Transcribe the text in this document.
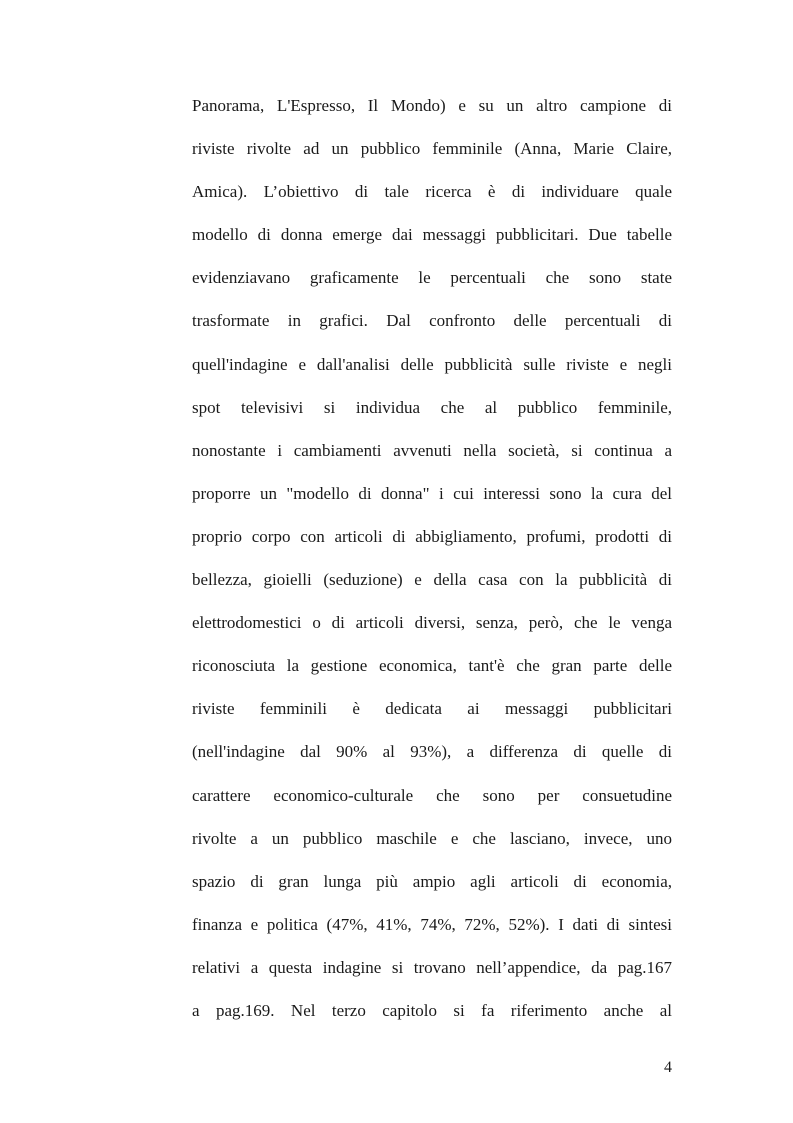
Panorama, L'Espresso, Il Mondo) e su un altro campione di
riviste rivolte ad un pubblico femminile (Anna, Marie Claire,
Amica). L’obiettivo di tale ricerca è di individuare quale
modello di donna emerge dai messaggi pubblicitari. Due tabelle
evidenziavano graficamente le percentuali che sono state
trasformate in grafici. Dal confronto delle percentuali di
quell'indagine e dall'analisi delle pubblicità sulle riviste e negli
spot televisivi si individua che al pubblico femminile,
nonostante i cambiamenti avvenuti nella società, si continua a
proporre un "modello di donna" i cui interessi sono la cura del
proprio corpo con articoli di abbigliamento, profumi, prodotti di
bellezza, gioielli (seduzione) e della casa con la pubblicità di
elettrodomestici o di articoli diversi, senza, però, che le venga
riconosciuta la gestione economica, tant'è che gran parte delle
riviste femminili è dedicata ai messaggi pubblicitari
(nell'indagine dal 90% al 93%), a differenza di quelle di
carattere economico-culturale che sono per consuetudine
rivolte a un pubblico maschile e che lasciano, invece, uno
spazio di gran lunga più ampio agli articoli di economia,
finanza e politica (47%, 41%, 74%, 72%, 52%). I dati di sintesi
relativi a questa indagine si trovano nell’appendice, da pag.167
a pag.169. Nel terzo capitolo si fa riferimento anche al
4
